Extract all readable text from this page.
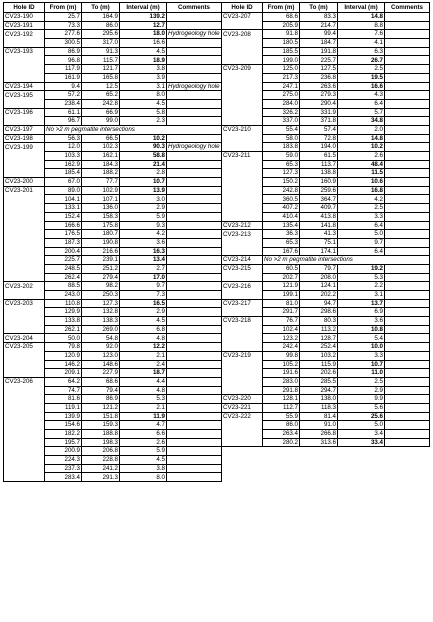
Hole ID	From (m)	To (m)	Interval (m)	Comments
CV23-190	25.7	164.9	139.2	
CV23-191	73.3	86.0	12.7	
CV23-192	277.6	295.6	18.0	Hydrogeology hole
	300.5	317.0	16.6	
CV23-193	86.9	91.3	4.5	
	96.8	115.7	18.9	
	117.9	121.7	3.8	
	161.9	165.8	3.9	
CV23-194	9.4	12.5	3.1	Hydrogeology hole
CV23-195	57.2	65.2	8.0	
	238.4	242.8	4.5	
CV23-196	61.1	66.9	5.8	
	96.7	99.0	2.3	
CV23-197	No >2 m pegmatite intersections			
CV23-198	56.3	66.5	10.2	
CV23-199	12.0	102.3	90.3	Hydrogeology hole
	103.3	162.1	58.8	
	162.9	184.3	21.4	
	185.4	188.2	2.8	
CV23-200	67.0	77.7	10.7	
CV23-201	89.0	102.9	13.9	
	104.1	107.1	3.0	
	133.1	136.0	2.9	
	152.4	158.3	5.9	
	166.6	175.8	9.3	
	176.5	180.7	4.2	
	187.3	190.8	3.6	
	200.4	216.6	16.3	
	225.7	239.1	13.4	
	248.5	251.2	2.7	
	262.4	279.4	17.0	
CV23-202	88.5	98.2	9.7	
	243.0	250.3	7.3	
CV23-203	110.8	127.3	16.5	
	129.9	132.8	2.9	
	133.8	138.3	4.5	
	262.1	269.0	6.8	
CV23-204	50.0	54.8	4.8	
CV23-205	79.8	92.0	12.2	
	120.9	123.0	2.1	
	146.2	148.6	2.4	
	209.1	227.9	18.7	
CV23-206	64.2	68.6	4.4	
	74.7	79.4	4.8	
	81.6	86.9	5.3	
	119.1	121.2	2.1	
	139.9	151.8	11.9	
	154.6	159.3	4.7	
	182.2	188.8	6.6	
	195.7	198.3	2.6	
	200.9	206.8	5.9	
	224.3	228.8	4.5	
	237.3	241.2	3.8	
	283.4	291.3	8.0	
Hole ID	From (m)	To (m)	Interval (m)	Comments
CV23-207	68.6	83.3	14.8	
	205.9	214.7	8.8	
CV23-208	91.8	99.4	7.6	
	180.5	184.7	4.1	
	185.5	191.8	6.3	
	199.0	225.7	26.7	
CV23-209	125.0	127.5	2.5	
	217.3	236.8	19.5	
	247.1	263.6	16.6	
	275.0	279.3	4.3	
	284.0	290.4	6.4	
	326.2	331.9	5.7	
	337.0	371.8	34.8	
CV23-210	55.4	57.4	2.0	
	58.0	72.8	14.8	
	183.8	194.0	10.2	
CV23-211	59.0	61.5	2.6	
	65.3	113.7	48.4	
	127.3	138.8	11.5	
	150.2	160.9	10.6	
	242.8	259.6	16.8	
	360.5	364.7	4.2	
	407.2	409.7	2.5	
	410.4	413.8	3.3	
CV23-212	135.4	141.8	6.4	
CV23-213	36.3	41.3	5.0	
	65.3	75.1	9.7	
	167.6	174.1	6.4	
CV23-214	No >2 m pegmatite intersections			
CV23-215	60.5	79.7	19.2	
	202.7	208.0	5.3	
CV23-216	121.9	124.1	2.2	
	199.1	202.2	3.1	
CV23-217	81.0	94.7	13.7	
	291.7	298.6	6.9	
CV23-218	76.7	80.3	3.6	
	102.4	113.2	10.8	
	123.2	128.7	5.4	
	242.4	252.4	10.0	
CV23-219	99.8	103.2	3.3	
	105.2	115.9	10.7	
	191.6	202.6	11.0	
	283.0	285.5	2.5	
	291.8	294.7	2.9	
CV23-220	128.1	138.0	9.9	
CV23-221	112.7	118.3	5.6	
CV23-222	55.9	81.4	25.6	
	86.0	91.0	5.0	
	263.4	266.8	3.4	
	280.2	313.6	33.4	
